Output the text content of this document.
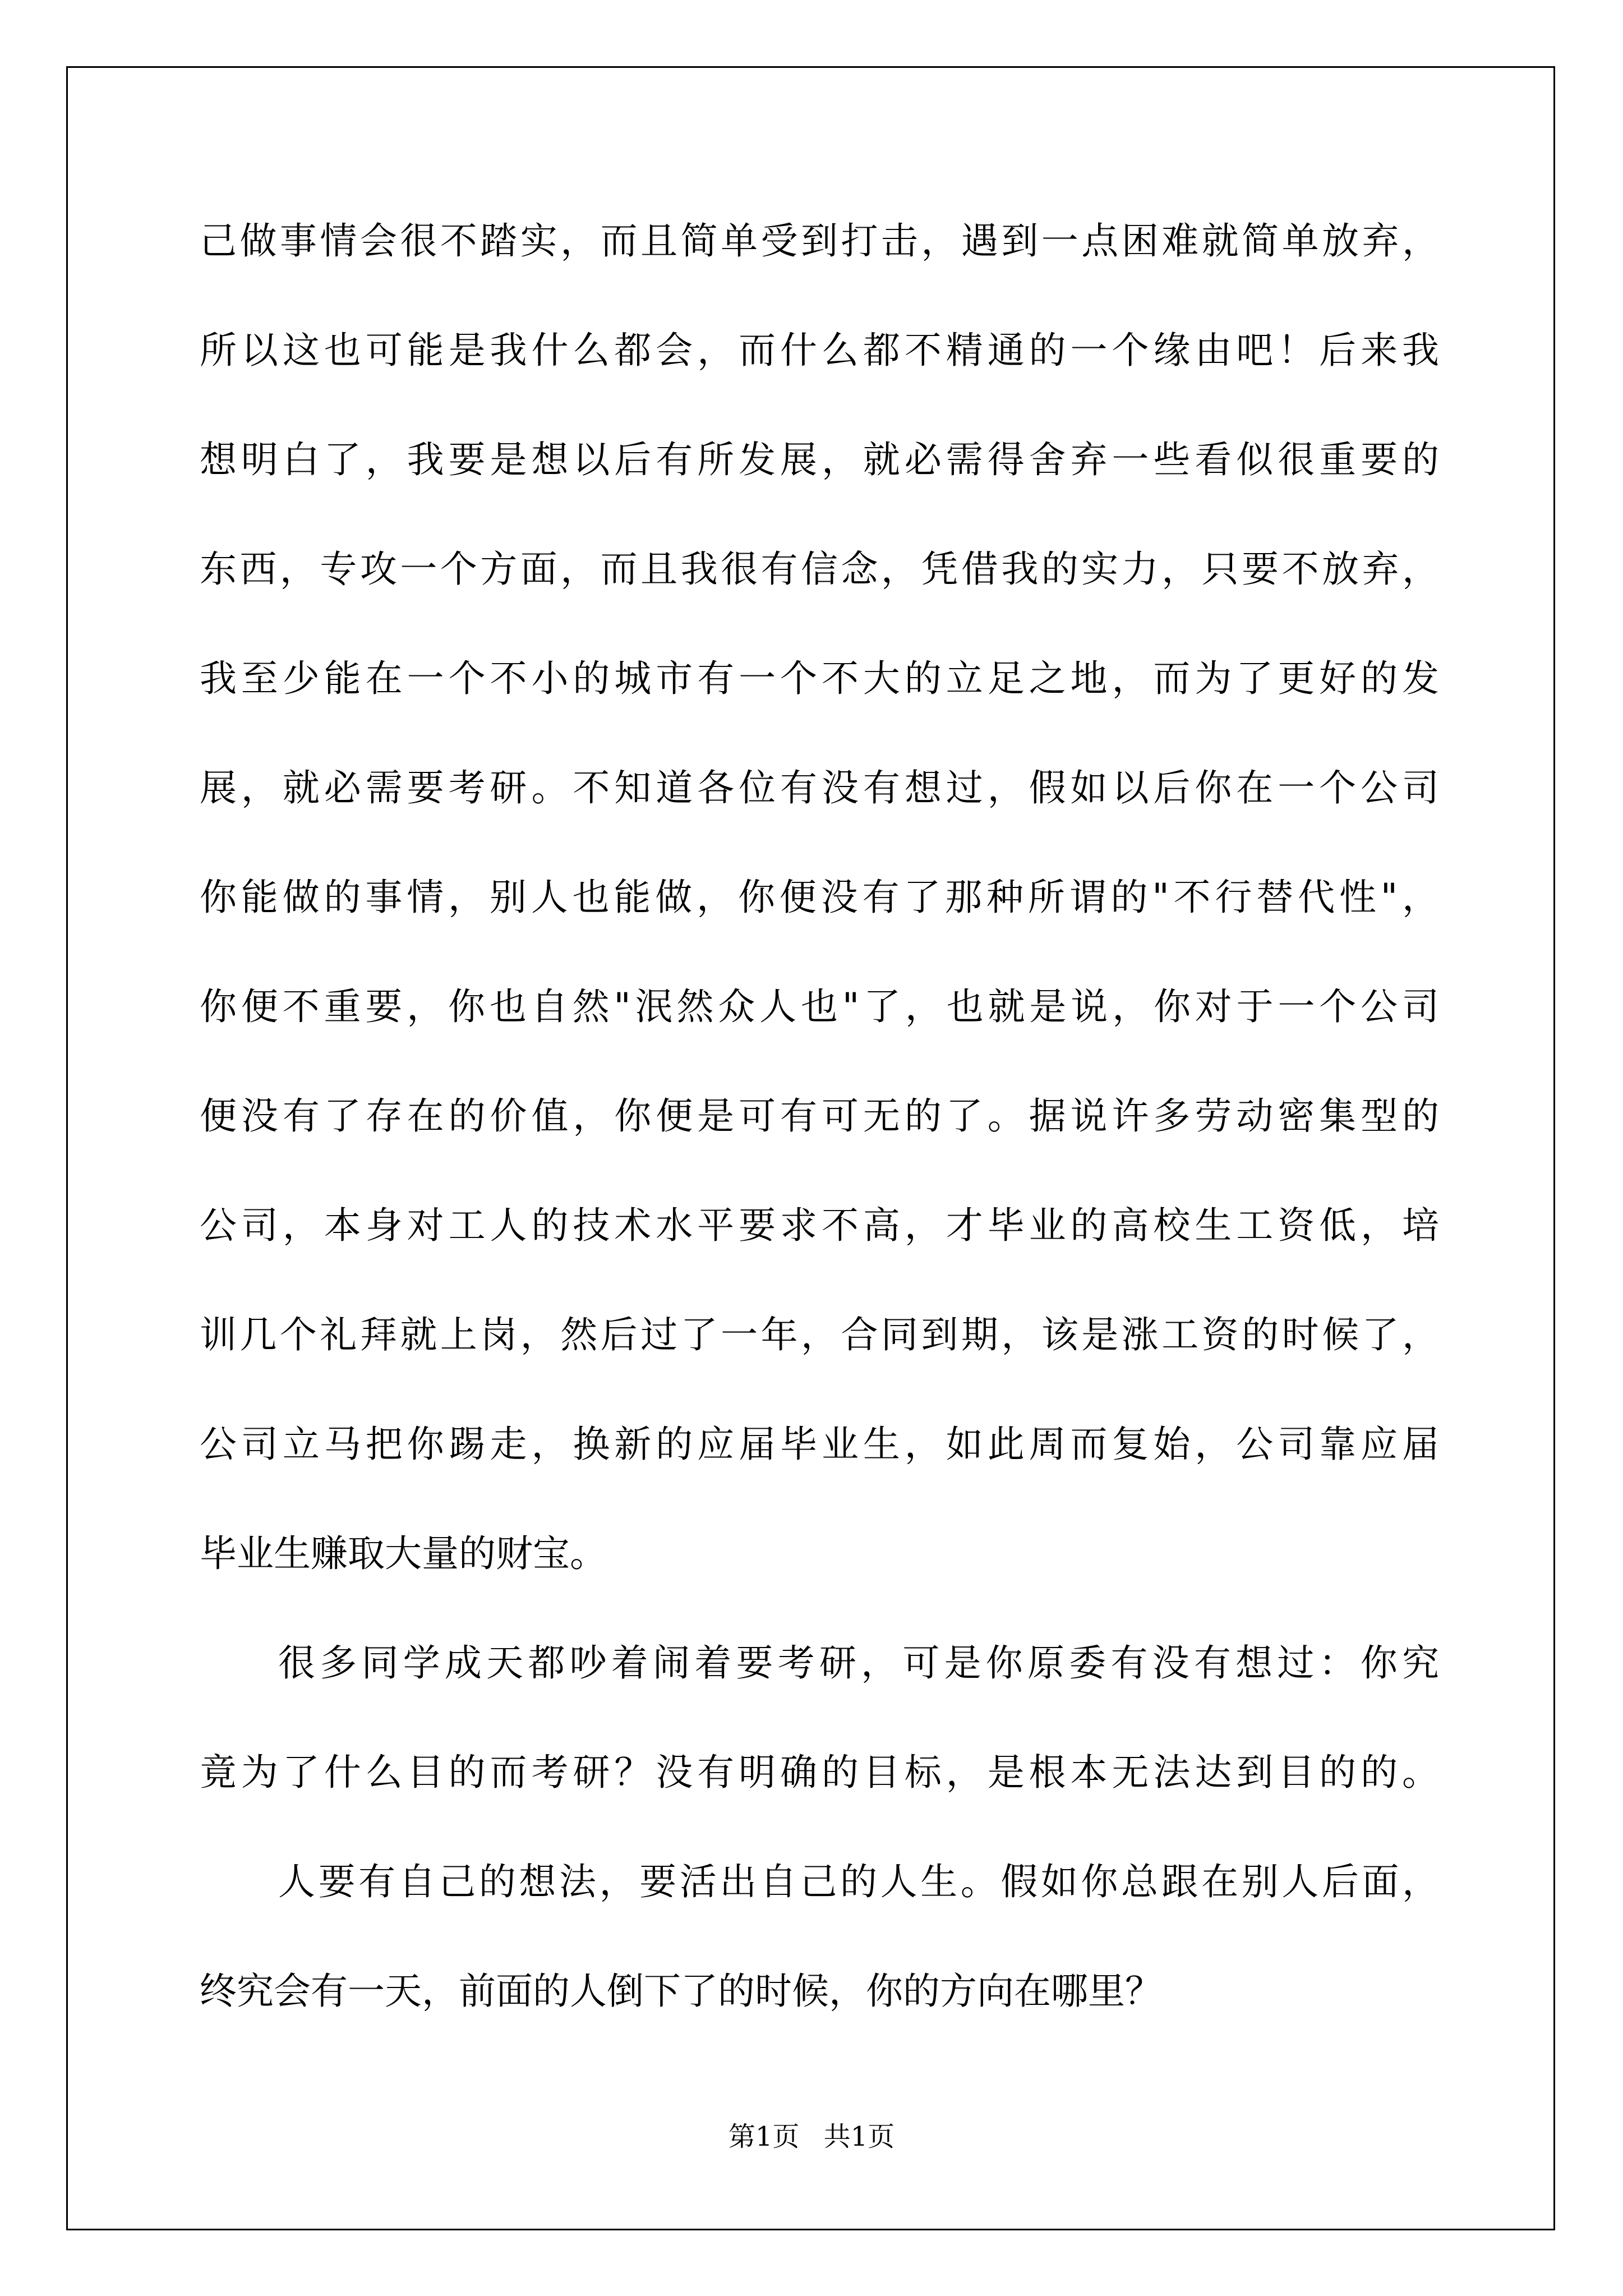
己做事情会很不踏实，而且简单受到打击，遇到一点困难就简单放弃，
所以这也可能是我什么都会，而什么都不精通的一个缘由吧！后来我
想明白了，我要是想以后有所发展，就必需得舍弃一些看似很重要的
东西，专攻一个方面，而且我很有信念，凭借我的实力，只要不放弃，
我至少能在一个不小的城市有一个不大的立足之地，而为了更好的发
展，就必需要考研。不知道各位有没有想过，假如以后你在一个公司
你能做的事情，别人也能做，你便没有了那种所谓的"不行替代性"，
你便不重要，你也自然"泯然众人也"了，也就是说，你对于一个公司
便没有了存在的价值，你便是可有可无的了。据说许多劳动密集型的
公司，本身对工人的技术水平要求不高，才毕业的高校生工资低，培
训几个礼拜就上岗，然后过了一年，合同到期，该是涨工资的时候了，
公司立马把你踢走，换新的应届毕业生，如此周而复始，公司靠应届
毕业生赚取大量的财宝。
很多同学成天都吵着闹着要考研，可是你原委有没有想过：你究
竟为了什么目的而考研？没有明确的目标，是根本无法达到目的的。
人要有自己的想法，要活出自己的人生。假如你总跟在别人后面，
终究会有一天，前面的人倒下了的时候，你的方向在哪里？
第1页 共1页
